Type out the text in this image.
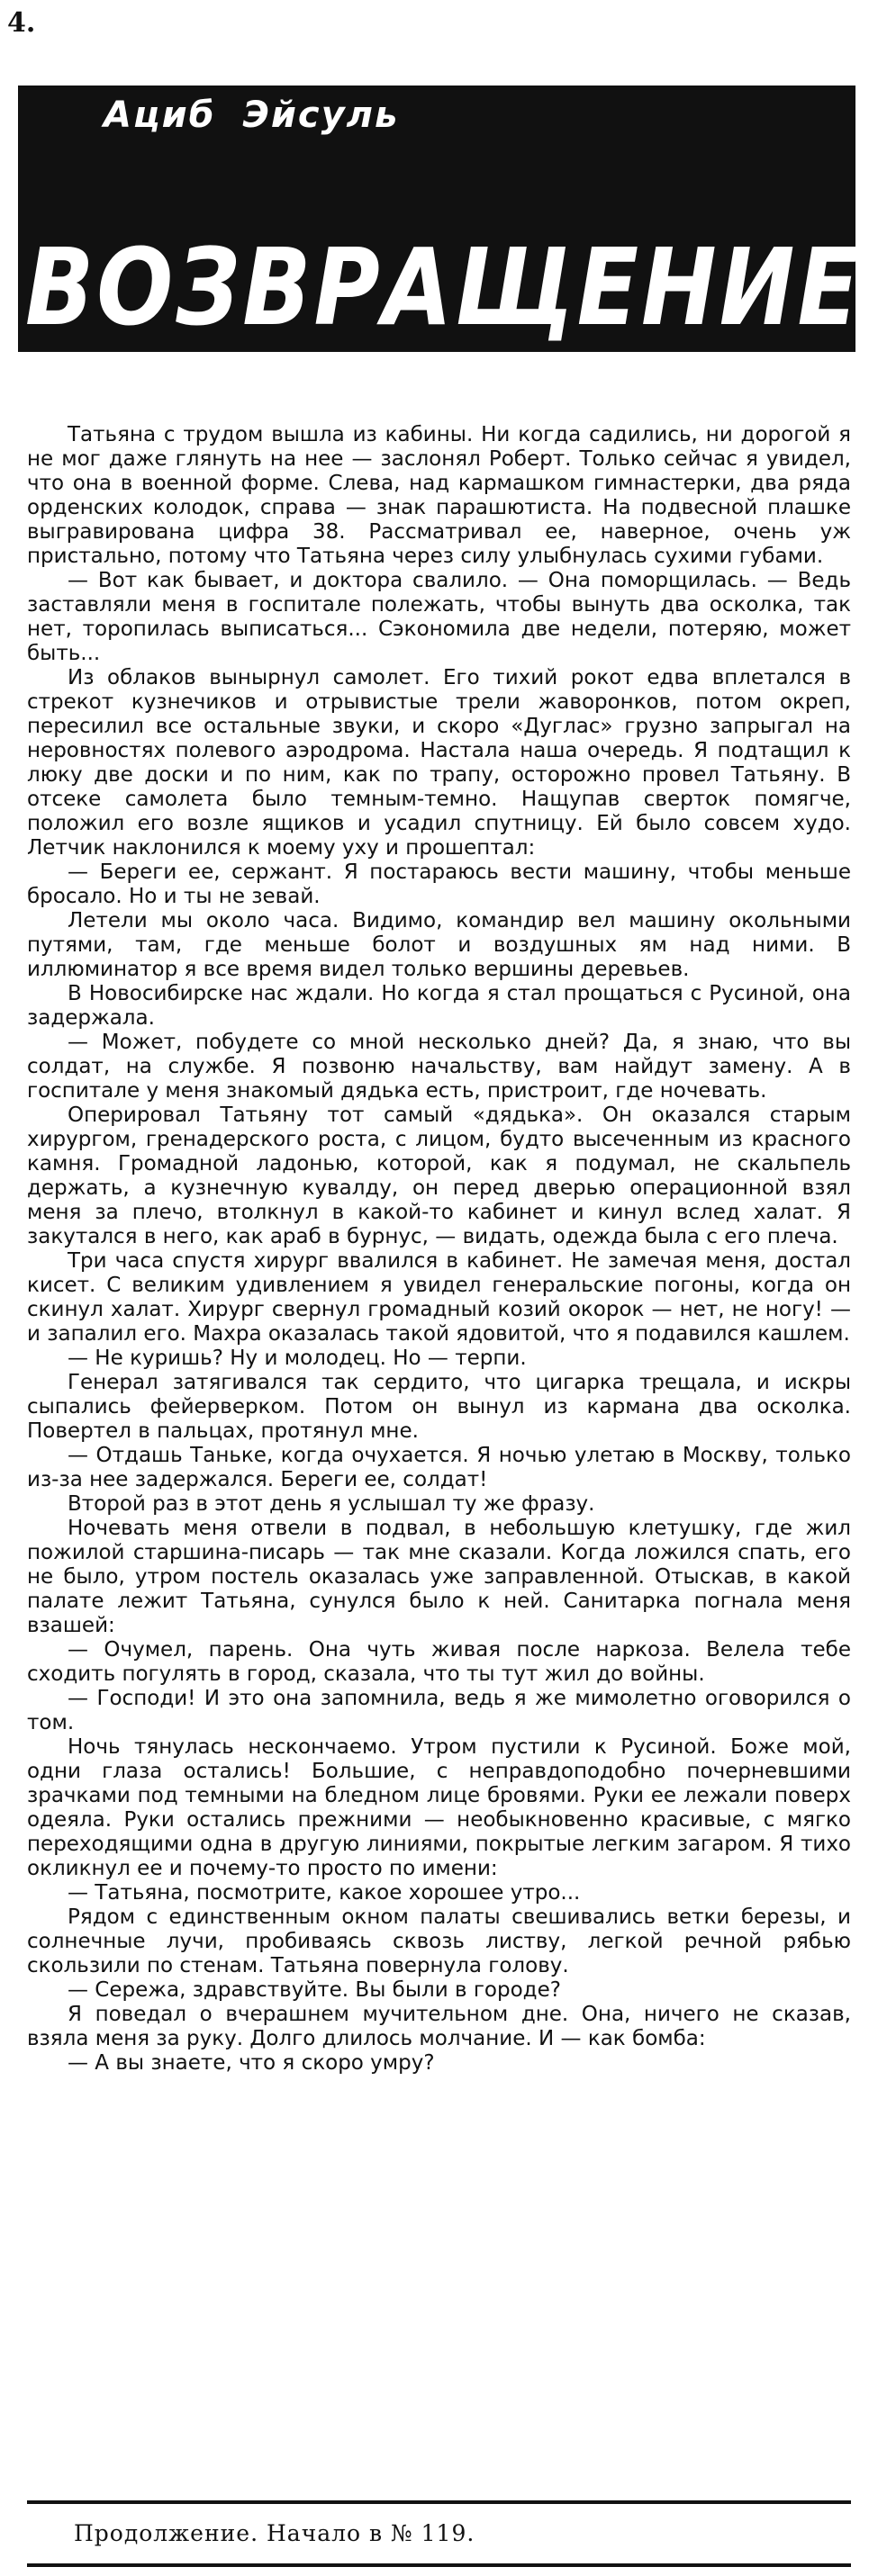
4.
Ациб Эйсуль
ВОЗВРАЩЕНИЕ

Татьяна с трудом вышла из кабины. Ни когда садились, ни дорогой я не мог даже глянуть на нее — заслонял Роберт. Только сейчас я увидел, что она в военной форме. Слева, над кармашком гимнастерки, два ряда орденских колодок, справа — знак парашютиста. На подвесной плашке выгравирована цифра 38. Рассматривал ее, наверное, очень уж пристально, потому что Татьяна через силу улыбнулась сухими губами.

— Вот как бывает, и доктора свалило. — Она поморщилась. — Ведь заставляли меня в госпитале полежать, чтобы вынуть два осколка, так нет, торопилась выписаться... Сэкономила две недели, потеряю, может быть...

Из облаков вынырнул самолет. Его тихий рокот едва вплетался в стрекот кузнечиков и отрывистые трели жаворонков, потом окреп, пересилил все остальные звуки, и скоро «Дуглас» грузно запрыгал на неровностях полевого аэродрома. Настала наша очередь. Я подтащил к люку две доски и по ним, как по трапу, осторожно провел Татьяну. В отсеке самолета было темным-темно. Нащупав сверток помягче, положил его возле ящиков и усадил спутницу. Ей было совсем худо. Летчик наклонился к моему уху и прошептал:

— Береги ее, сержант. Я постараюсь вести машину, чтобы меньше бросало. Но и ты не зевай.

Летели мы около часа. Видимо, командир вел машину окольными путями, там, где меньше болот и воздушных ям над ними. В иллюминатор я все время видел только вершины деревьев.

В Новосибирске нас ждали. Но когда я стал прощаться с Русиной, она задержала.

— Может, побудете со мной несколько дней? Да, я знаю, что вы солдат, на службе. Я позвоню начальству, вам найдут замену. А в госпитале у меня знакомый дядька есть, пристроит, где ночевать.

Оперировал Татьяну тот самый «дядька». Он оказался старым хирургом, гренадерского роста, с лицом, будто высеченным из красного камня. Громадной ладонью, которой, как я подумал, не скальпель держать, а кузнечную кувалду, он перед дверью операционной взял меня за плечо, втолкнул в какой-то кабинет и кинул вслед халат. Я закутался в него, как араб в бурнус, — видать, одежда была с его плеча.

Три часа спустя хирург ввалился в кабинет. Не замечая меня, достал кисет. С великим удивлением я увидел генеральские погоны, когда он скинул халат. Хирург свернул громадный козий окорок — нет, не ногу! — и запалил его. Махра оказалась такой ядовитой, что я подавился кашлем.

— Не куришь? Ну и молодец. Но — терпи.

Генерал затягивался так сердито, что цигарка трещала, и искры сыпались фейерверком. Потом он вынул из кармана два осколка. Повертел в пальцах, протянул мне.

— Отдашь Таньке, когда очухается. Я ночью улетаю в Москву, только из-за нее задержался. Береги ее, солдат!

Второй раз в этот день я услышал ту же фразу.

Ночевать меня отвели в подвал, в небольшую клетушку, где жил пожилой старшина-писарь — так мне сказали. Когда ложился спать, его не было, утром постель оказалась уже заправленной. Отыскав, в какой палате лежит Татьяна, сунулся было к ней. Санитарка погнала меня взашей:

— Очумел, парень. Она чуть живая после наркоза. Велела тебе сходить погулять в город, сказала, что ты тут жил до войны.

— Господи! И это она запомнила, ведь я же мимолетно оговорился о том.

Ночь тянулась нескончаемо. Утром пустили к Русиной. Боже мой, одни глаза остались! Большие, с неправдоподобно почерневшими зрачками под темными на бледном лице бровями. Руки ее лежали поверх одеяла. Руки остались прежними — необыкновенно красивые, с мягко переходящими одна в другую линиями, покрытые легким загаром. Я тихо окликнул ее и почему-то просто по имени:

— Татьяна, посмотрите, какое хорошее утро...

Рядом с единственным окном палаты свешивались ветки березы, и солнечные лучи, пробиваясь сквозь листву, легкой речной рябью скользили по стенам. Татьяна повернула голову.

— Сережа, здравствуйте. Вы были в городе?

Я поведал о вчерашнем мучительном дне. Она, ничего не сказав, взяла меня за руку. Долго длилось молчание. И — как бомба:

— А вы знаете, что я скоро умру?

Продолжение. Начало в № 119.
